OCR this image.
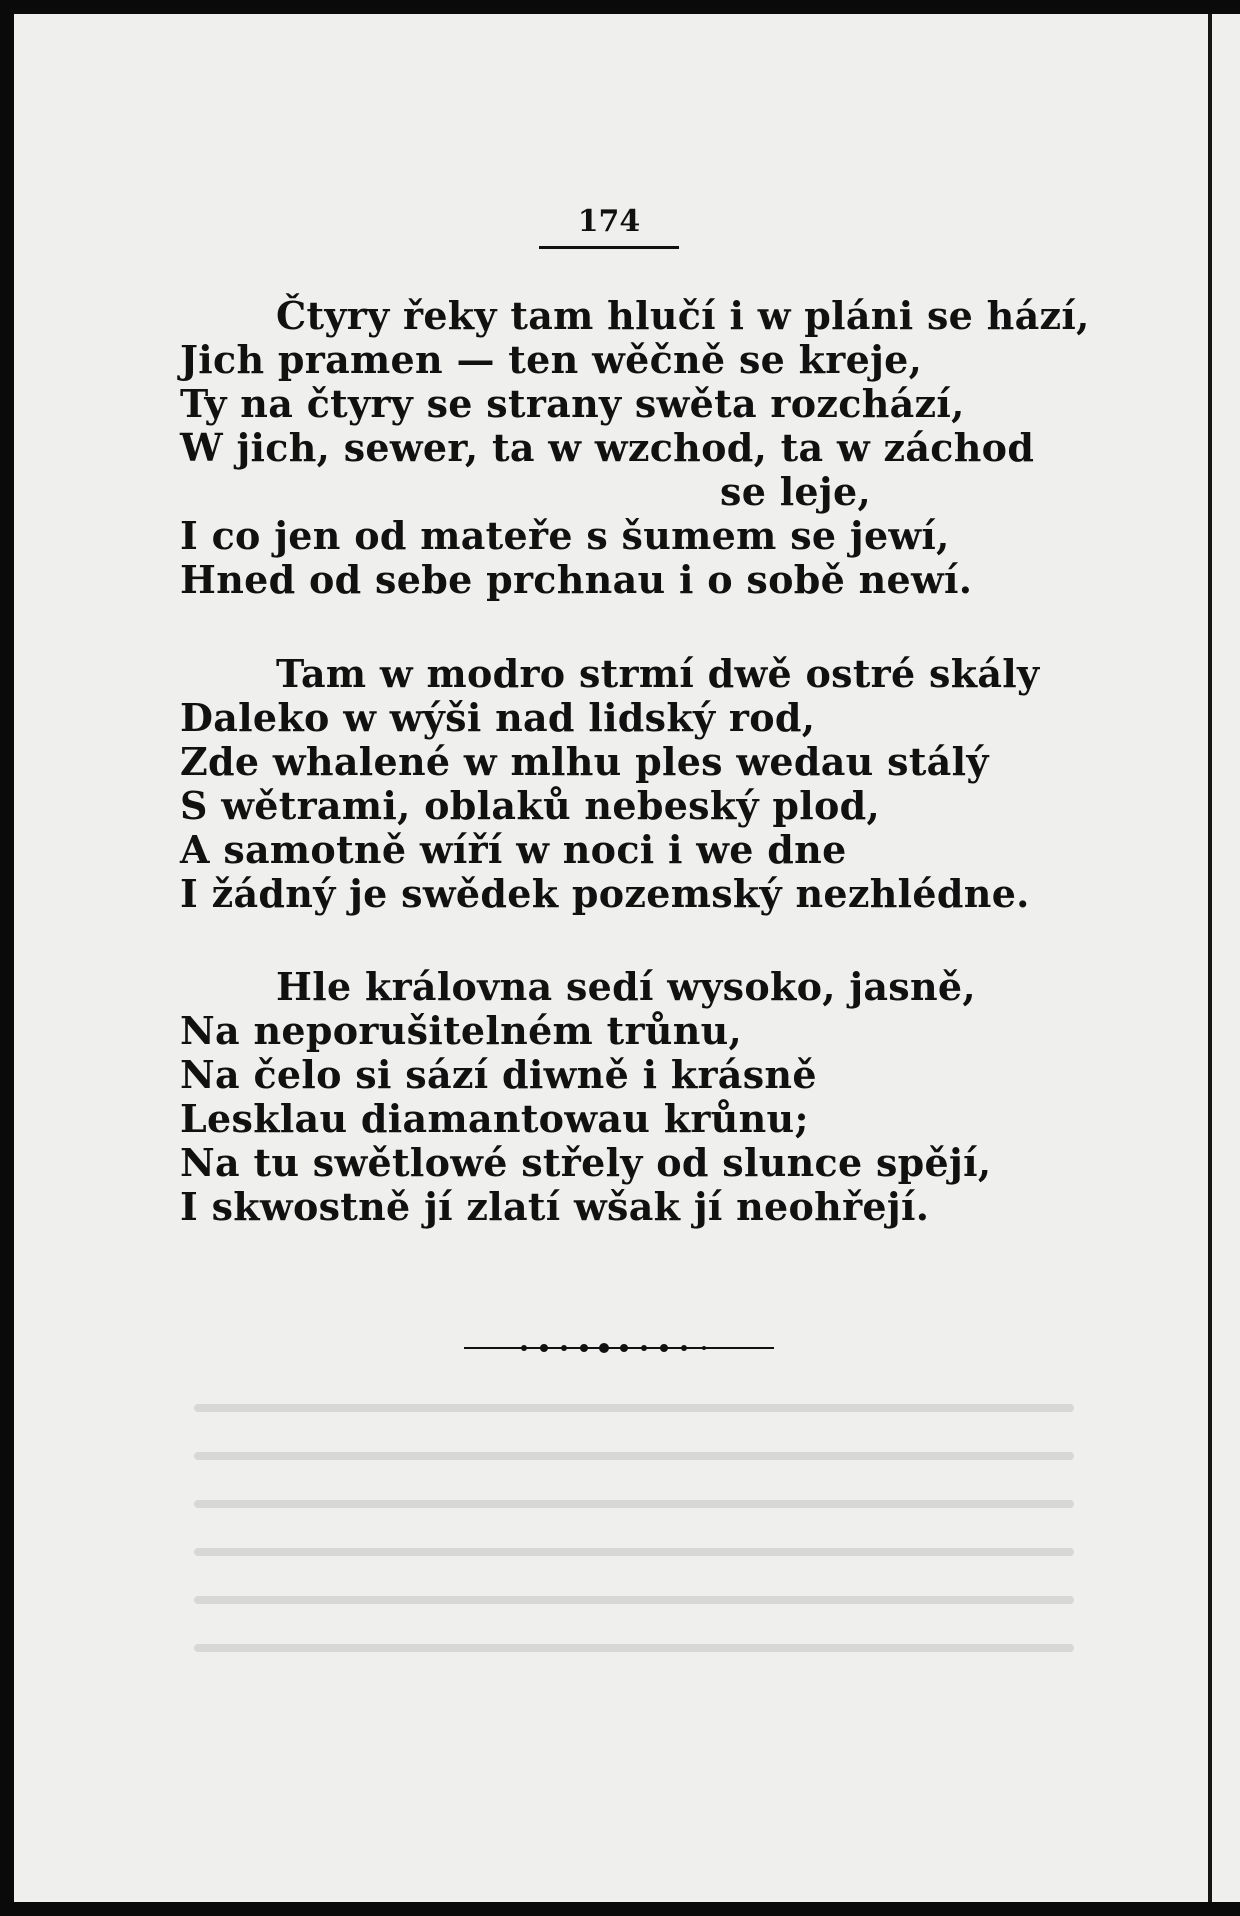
174
Čtyry řeky tam hlučí i w pláni se hází,
Jich pramen — ten wěčně se kreje,
Ty na čtyry se strany swěta rozchází,
W jich, sewer, ta w wzchod, ta w záchod
se leje,
I co jen od mateře s šumem se jewí,
Hned od sebe prchnau i o sobě newí.
Tam w modro strmí dwě ostré skály
Daleko w wýši nad lidský rod,
Zde whalené w mlhu ples wedau stálý
S wětrami, oblaků nebeský plod,
A samotně wíří w noci i we dne
I žádný je swědek pozemský nezhlédne.
Hle královna sedí wysoko, jasně,
Na neporušitelném trůnu,
Na čelo si sází diwně i krásně
Lesklau diamantowau krůnu;
Na tu swětlowé střely od slunce spějí,
I skwostně jí zlatí wšak jí neohřejí.
